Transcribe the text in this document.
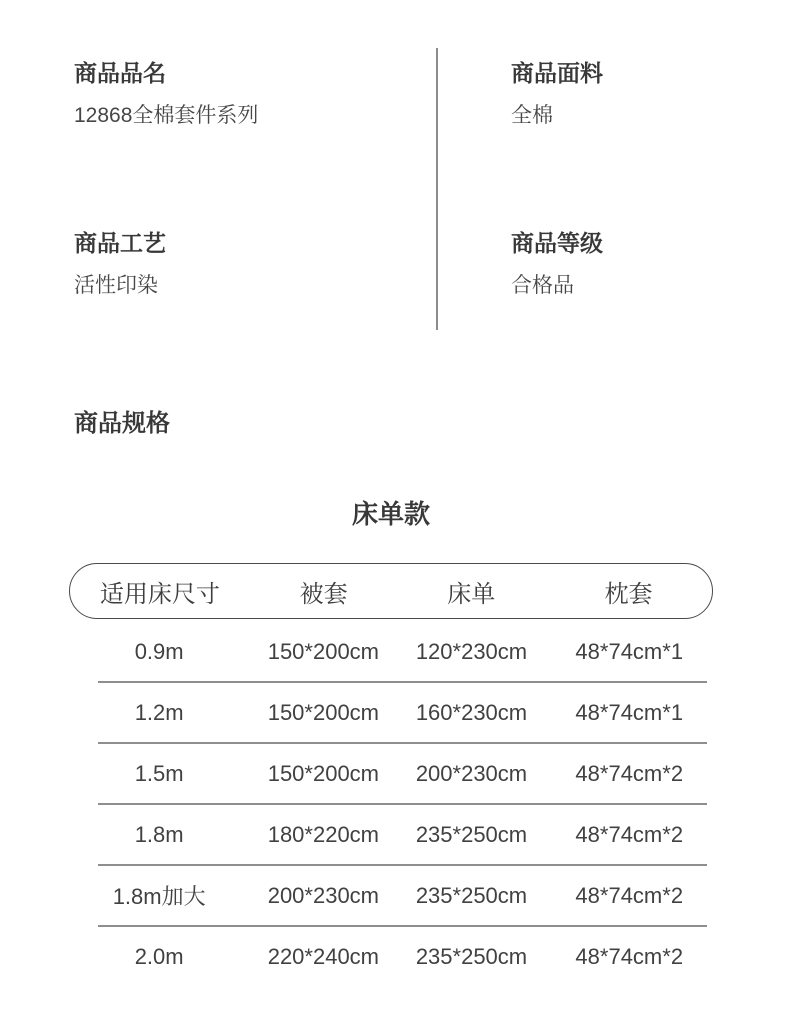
商品品名
12868全棉套件系列
商品面料
全棉
商品工艺
活性印染
商品等级
合格品
商品规格
床单款
适用床尺寸	被套	床单	枕套
0.9m	150*200cm	120*230cm	48*74cm*1
1.2m	150*200cm	160*230cm	48*74cm*1
1.5m	150*200cm	200*230cm	48*74cm*2
1.8m	180*220cm	235*250cm	48*74cm*2
1.8m加大	200*230cm	235*250cm	48*74cm*2
2.0m	220*240cm	235*250cm	48*74cm*2
